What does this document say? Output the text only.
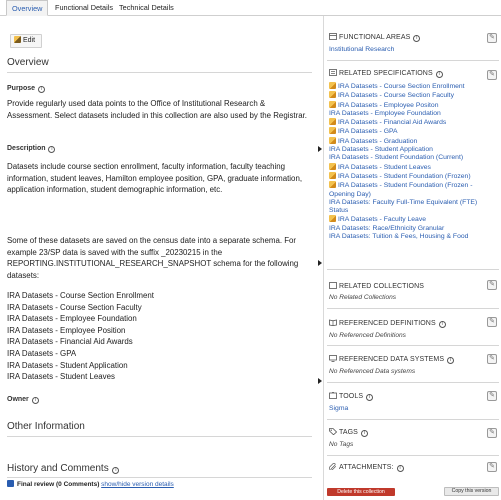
Overview	Functional Details Technical Details
Edit
Overview
Purpose i
Provide regularly used data points to the Office of Institutional Research & Assessment. Select datasets included in this collection are also used by the Registrar.
Description i
Datasets include course section enrollment, faculty information, faculty teaching information, student leaves, Hamilton employee position, GPA, graduate information, application information, student demographic information, etc.
Some of these datasets are saved on the census date into a separate schema. For example 23/SP data is saved with the suffix _20230215 in the REPORTING.INSTITUTIONAL_RESEARCH_SNAPSHOT schema for the following datasets:
IRA Datasets - Course Section Enrollment
IRA Datasets - Course Section Faculty
IRA Datasets - Employee Foundation
IRA Datasets - Employee Position
IRA Datasets - Financial Aid Awards
IRA Datasets - GPA
IRA Datasets - Student Application
IRA Datasets - Student Leaves
Owner i
Other Information
History and Comments i
Final review (0 Comments) show/hide version details
FUNCTIONAL AREAS I	✎
Institutional Research
RELATED SPECIFICATIONS I	✎
IRA Datasets - Course Section Enrollment
IRA Datasets - Course Section Faculty
IRA Datasets - Employee Positon
IRA Datasets - Employee Foundation
IRA Datasets - Financial Aid Awards
IRA Datasets - GPA
IRA Datasets - Graduation
IRA Datasets - Student Application
IRA Datasets - Student Foundation (Current)
IRA Datasets - Student Leaves
IRA Datasets - Student Foundation (Frozen)
IRA Datasets - Student Foundation (Frozen - Opening Day)
IRA Datasets: Faculty Full-Time Equivalent (FTE) Status
IRA Datasets - Faculty Leave
IRA Datasets: Race/Ethnicity Granular
IRA Datasets: Tuition & Fees, Housing & Food
RELATED COLLECTIONS	✎
No Related Collections
REFERENCED DEFINITIONS I	✎
No Referenced Definitions
REFERENCED DATA SYSTEMS I	✎
No Referenced Data systems
TOOLS I	✎
Sigma
TAGS I	✎
No Tags
ATTACHMENTS: I	✎
Delete this collection	Copy this version
